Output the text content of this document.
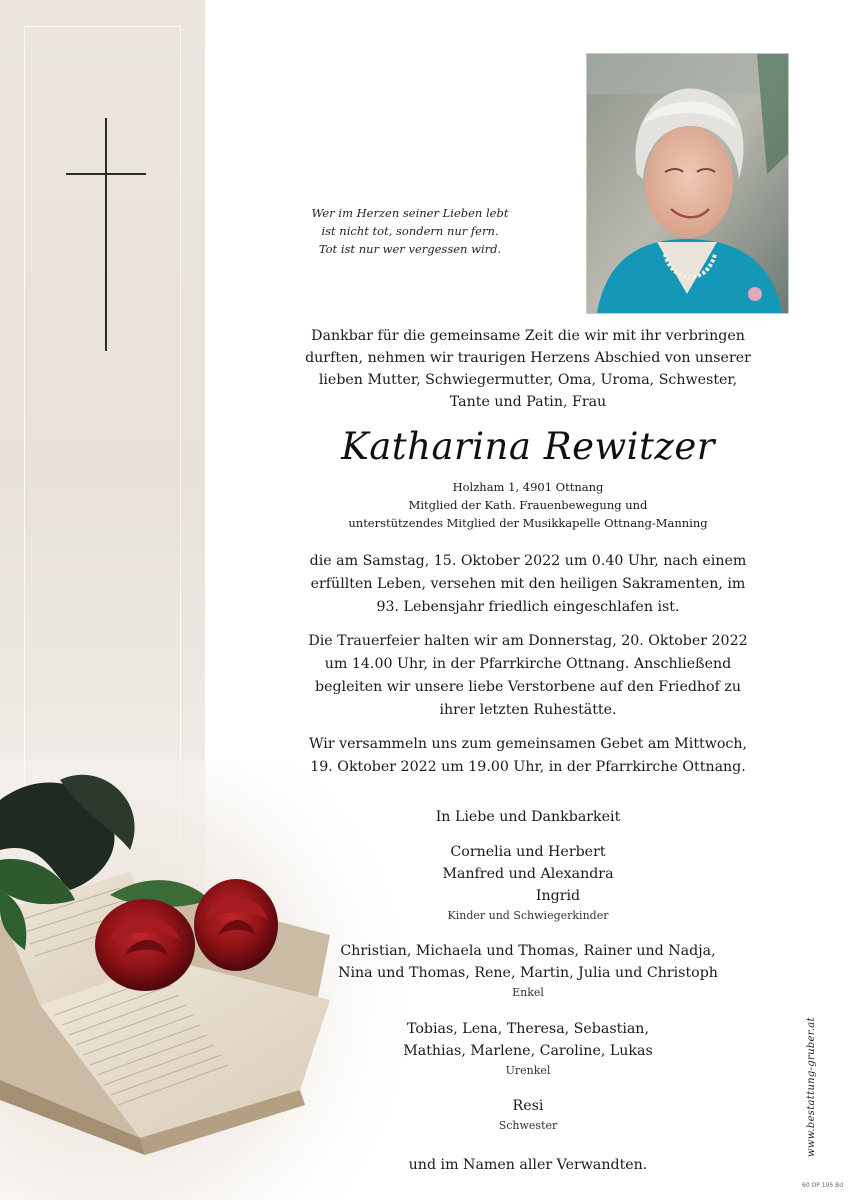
Wer im Herzen seiner Lieben lebt
ist nicht tot, sondern nur fern.
Tot ist nur wer vergessen wird.
Dankbar für die gemeinsame Zeit die wir mit ihr verbringen
durften, nehmen wir traurigen Herzens Abschied von unserer
lieben Mutter, Schwiegermutter, Oma, Uroma, Schwester,
Tante und Patin, Frau
Katharina Rewitzer
Holzham 1, 4901 Ottnang
Mitglied der Kath. Frauenbewegung und
unterstützendes Mitglied der Musikkapelle Ottnang-Manning
die am Samstag, 15. Oktober 2022 um 0.40 Uhr, nach einem
erfüllten Leben, versehen mit den heiligen Sakramenten, im
93. Lebensjahr friedlich eingeschlafen ist.
Die Trauerfeier halten wir am Donnerstag, 20. Oktober 2022
um 14.00 Uhr, in der Pfarrkirche Ottnang. Anschließend
begleiten wir unsere liebe Verstorbene auf den Friedhof zu
ihrer letzten Ruhestätte.
Wir versammeln uns zum gemeinsamen Gebet am Mittwoch,
19. Oktober 2022 um 19.00 Uhr, in der Pfarrkirche Ottnang.
In Liebe und Dankbarkeit
Cornelia und Herbert
Manfred und Alexandra
Ingrid
Kinder und Schwiegerkinder
Christian, Michaela und Thomas, Rainer und Nadja,
Nina und Thomas, Rene, Martin, Julia und Christoph
Enkel
Tobias, Lena, Theresa, Sebastian,
Mathias, Marlene, Caroline, Lukas
Urenkel
Resi
Schwester
und im Namen aller Verwandten.
www.bestattung-gruber.at
60 OP 195 Bd
